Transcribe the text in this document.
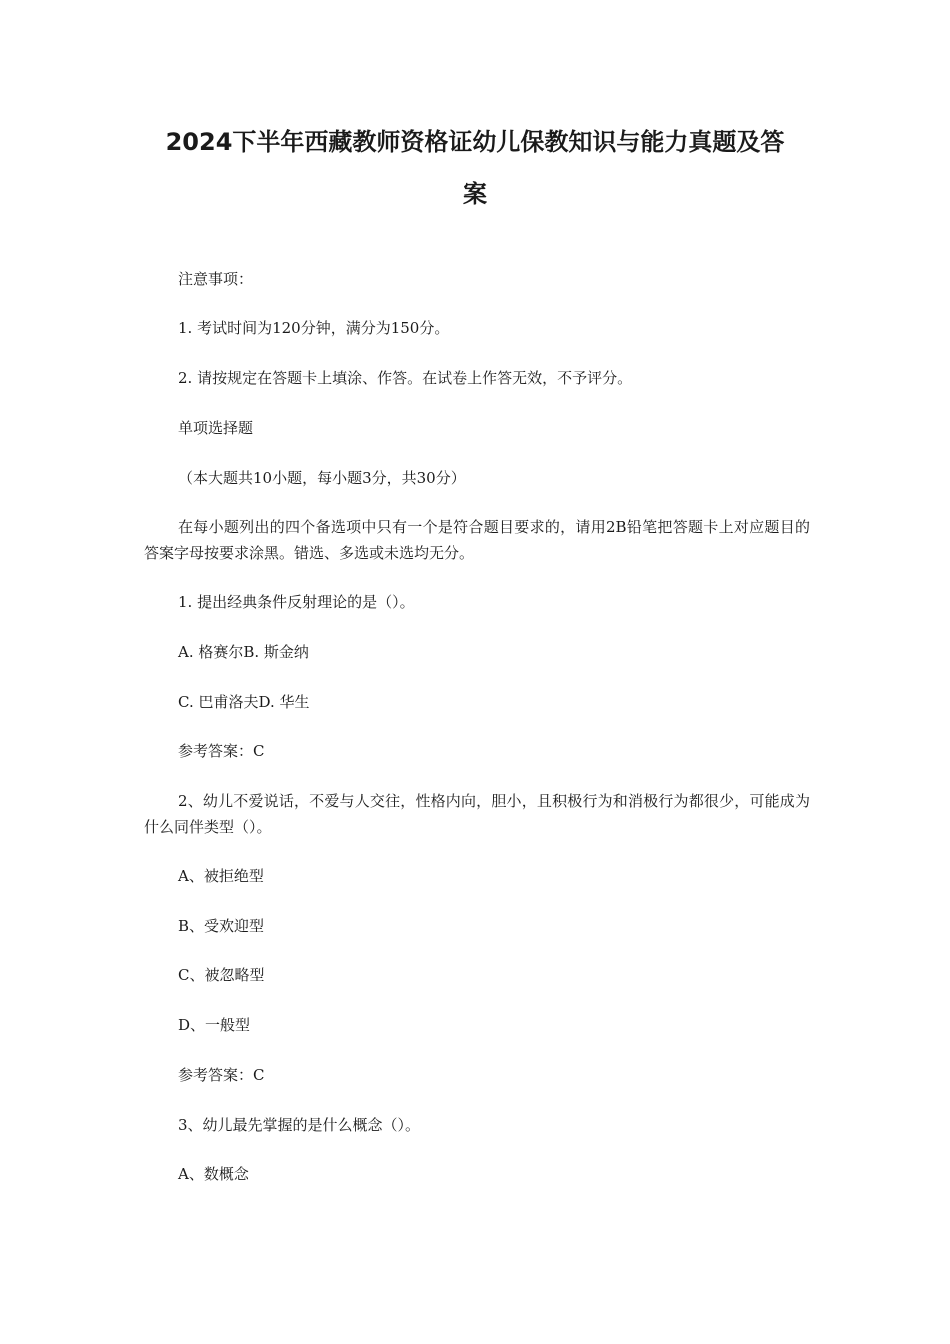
2024下半年西藏教师资格证幼儿保教知识与能力真题及答
案

注意事项：

1. 考试时间为120分钟，满分为150分。

2. 请按规定在答题卡上填涂、作答。在试卷上作答无效，不予评分。

单项选择题

（本大题共10小题，每小题3分，共30分）

在每小题列出的四个备选项中只有一个是符合题目要求的，请用2B铅笔把答题卡上对应题目的答案字母按要求涂黑。错选、多选或未选均无分。

1. 提出经典条件反射理论的是（）。

A. 格赛尔B. 斯金纳

C. 巴甫洛夫D. 华生

参考答案：C

2、幼儿不爱说话，不爱与人交往，性格内向，胆小，且积极行为和消极行为都很少，可能成为什么同伴类型（）。

A、被拒绝型

B、受欢迎型

C、被忽略型

D、一般型

参考答案：C

3、幼儿最先掌握的是什么概念（）。

A、数概念
